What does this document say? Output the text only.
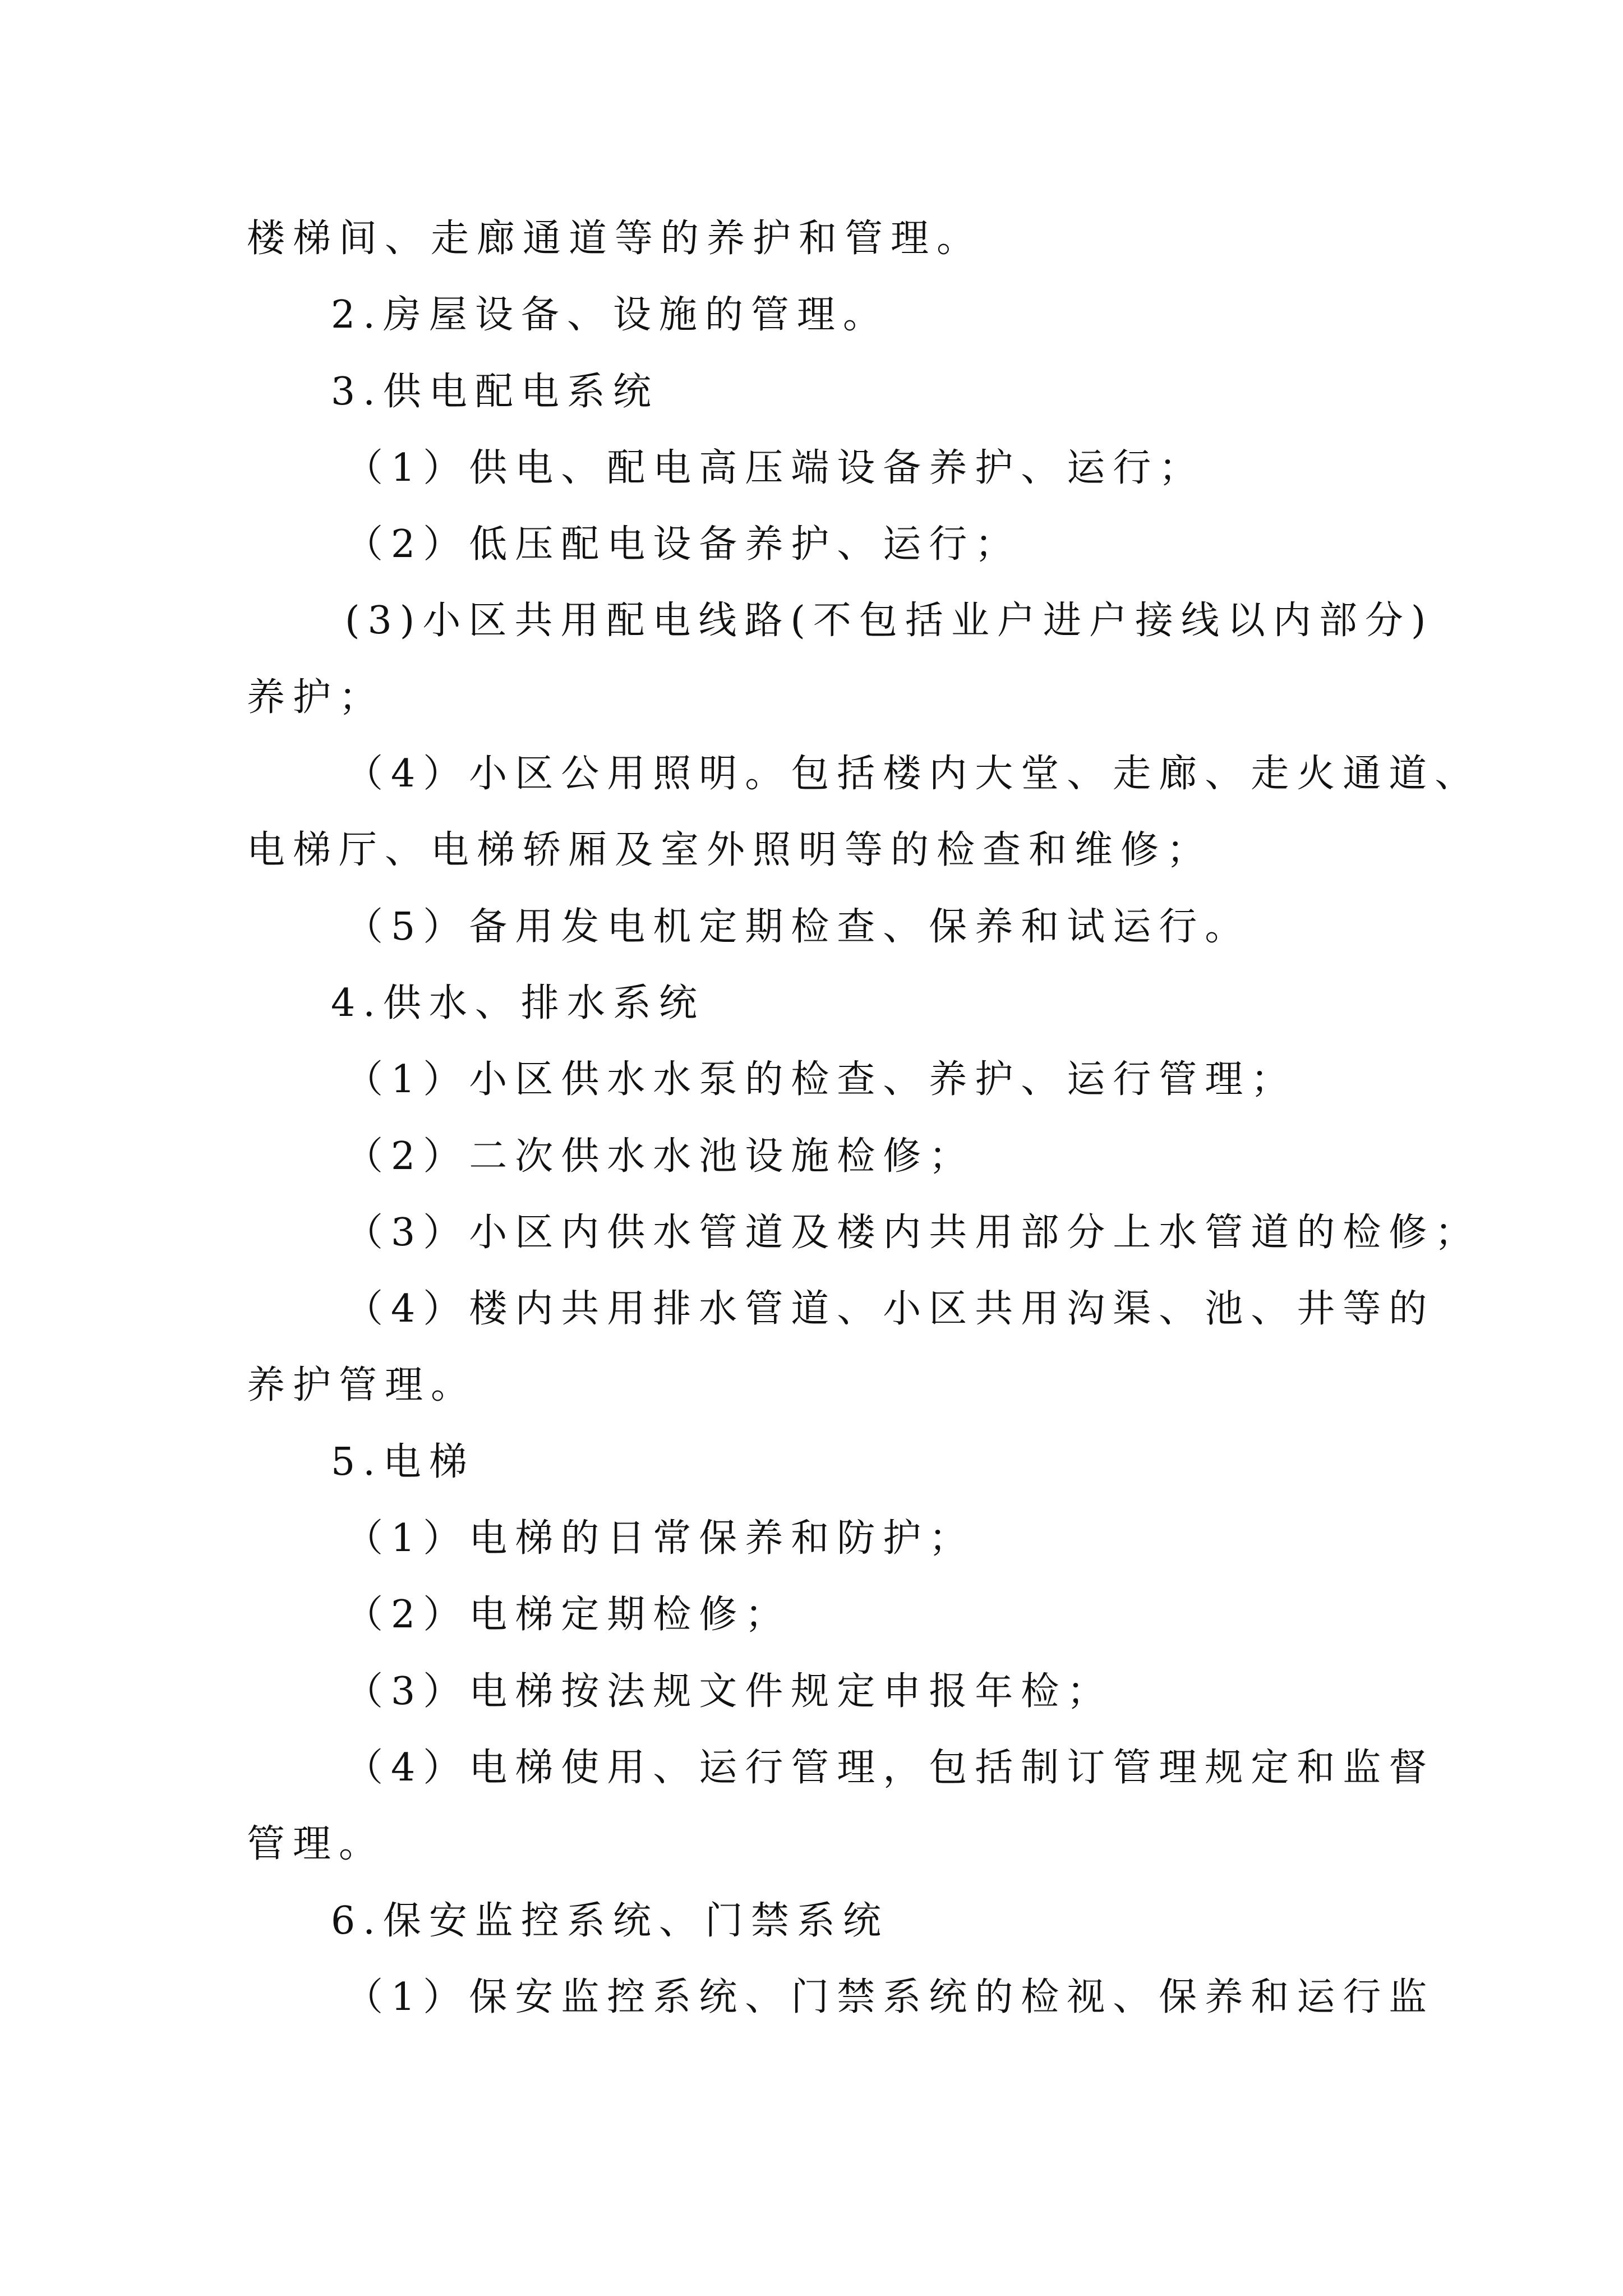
楼梯间、走廊通道等的养护和管理。
2.房屋设备、设施的管理。
3.供电配电系统
（1）供电、配电高压端设备养护、运行；
（2）低压配电设备养护、运行；
(3)小区共用配电线路(不包括业户进户接线以内部分)
养护；
（4）小区公用照明。包括楼内大堂、走廊、走火通道、
电梯厅、电梯轿厢及室外照明等的检查和维修；
（5）备用发电机定期检查、保养和试运行。
4.供水、排水系统
（1）小区供水水泵的检查、养护、运行管理；
（2）二次供水水池设施检修；
（3）小区内供水管道及楼内共用部分上水管道的检修；
（4）楼内共用排水管道、小区共用沟渠、池、井等的
养护管理。
5.电梯
（1）电梯的日常保养和防护；
（2）电梯定期检修；
（3）电梯按法规文件规定申报年检；
（4）电梯使用、运行管理，包括制订管理规定和监督
管理。
6.保安监控系统、门禁系统
（1）保安监控系统、门禁系统的检视、保养和运行监
